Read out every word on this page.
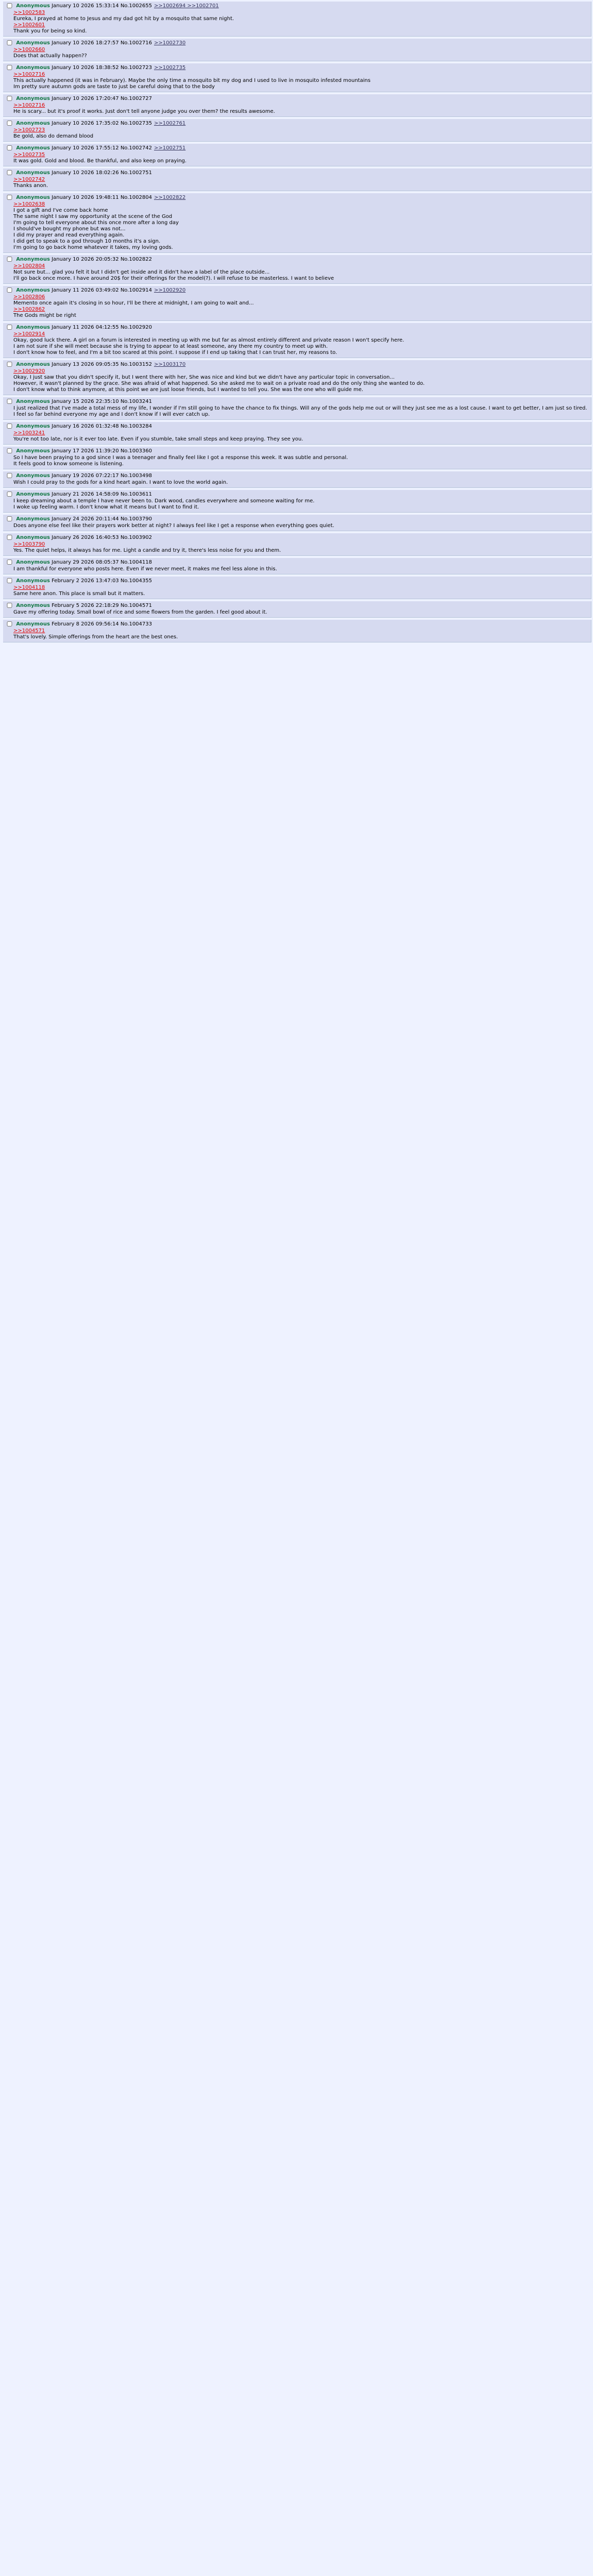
Anonymous January 10 2026 15:33:14 No.1002655 >>1002694 >>1002701
>>1002583
Eureka, I prayed at home to Jesus and my dad got hit by a mosquito that same night.
>>1002601
Thank you for being so kind.
Anonymous January 10 2026 18:27:57 No.1002716 >>1002730
>>1002660
Does that actually happen??
Anonymous January 10 2026 18:38:52 No.1002723 >>1002735
>>1002716
This actually happened (it was in February). Maybe the only time a mosquito bit my dog and I used to live in mosquito infested mountains
Im pretty sure autumn gods are taste to just be careful doing that to the body
Anonymous January 10 2026 17:20:47 No.1002727
>>1002716
He is scary... but it's proof it works. Just don't tell anyone judge you over them? the results awesome.
Anonymous January 10 2026 17:35:02 No.1002735 >>1002761
>>1002723
Be gold, also do demand blood
Anonymous January 10 2026 17:55:12 No.1002742 >>1002751
>>1002735
It was gold. Gold and blood. Be thankful, and also keep on praying.
Anonymous January 10 2026 18:02:26 No.1002751
>>1002742
Thanks anon.
Anonymous January 10 2026 19:48:11 No.1002804 >>1002822
>>1002638
I got a gift and I've come back home
The same night I saw my opportunity at the scene of the God
I'm going to tell everyone about this once more after a long day
I should've bought my phone but was not...
I did my prayer and read everything again.
I did get to speak to a god through 10 months it's a sign.
I'm going to go back home whatever it takes, my loving gods.
Anonymous January 10 2026 20:05:32 No.1002822
>>1002804
Not sure but... glad you felt it but I didn't get inside and it didn't have a label of the place outside...
I'll go back once more. I have around 20$ for their offerings for the model(?). I will refuse to be masterless. I want to believe
Anonymous January 11 2026 03:49:02 No.1002914 >>1002920
>>1002806
Memento once again it's closing in so hour, I'll be there at midnight, I am going to wait and...
>>1002862
The Gods might be right
Anonymous January 11 2026 04:12:55 No.1002920
>>1002914
Okay, good luck there. A girl on a forum is interested in meeting up with me but far as almost entirely different and private reason I won't specify here.
I am not sure if she will meet because she is trying to appear to at least someone, any there my country to meet up with.
I don't know how to feel, and I'm a bit too scared at this point. I suppose if I end up taking that I can trust her, my reasons to.
Anonymous January 13 2026 09:05:35 No.1003152 >>1003170
>>1002920
Okay, I just saw that you didn't specify it, but I went there with her, She was nice and kind but we didn't have any particular topic in conversation...
However, it wasn't planned by the grace. She was afraid of what happened. So she asked me to wait on a private road and do the only thing she wanted to do.
I don't know what to think anymore, at this point we are just loose friends, but I wanted to tell you. She was the one who will guide me.
Anonymous January 15 2026 22:35:10 No.1003241
I just realized that I've made a total mess of my life, I wonder if I'm still going to have the chance to fix things. Will any of the gods help me out or will they just see me as a lost cause. I want to get better, I am just so tired.
I feel so far behind everyone my age and I don't know if I will ever catch up.
Anonymous January 16 2026 01:32:48 No.1003284
>>1003241
You're not too late, nor is it ever too late. Even if you stumble, take small steps and keep praying. They see you.
Anonymous January 17 2026 11:39:20 No.1003360
So I have been praying to a god since I was a teenager and finally feel like I got a response this week. It was subtle and personal.
It feels good to know someone is listening.
Anonymous January 19 2026 07:22:17 No.1003498
Wish I could pray to the gods for a kind heart again. I want to love the world again.
Anonymous January 21 2026 14:58:09 No.1003611
I keep dreaming about a temple I have never been to. Dark wood, candles everywhere and someone waiting for me.
I woke up feeling warm. I don't know what it means but I want to find it.
Anonymous January 24 2026 20:11:44 No.1003790
Does anyone else feel like their prayers work better at night? I always feel like I get a response when everything goes quiet.
Anonymous January 26 2026 16:40:53 No.1003902
>>1003790
Yes. The quiet helps, it always has for me. Light a candle and try it, there's less noise for you and them.
Anonymous January 29 2026 08:05:37 No.1004118
I am thankful for everyone who posts here. Even if we never meet, it makes me feel less alone in this.
Anonymous February 2 2026 13:47:03 No.1004355
>>1004118
Same here anon. This place is small but it matters.
Anonymous February 5 2026 22:18:29 No.1004571
Gave my offering today. Small bowl of rice and some flowers from the garden. I feel good about it.
Anonymous February 8 2026 09:56:14 No.1004733
>>1004571
That's lovely. Simple offerings from the heart are the best ones.
